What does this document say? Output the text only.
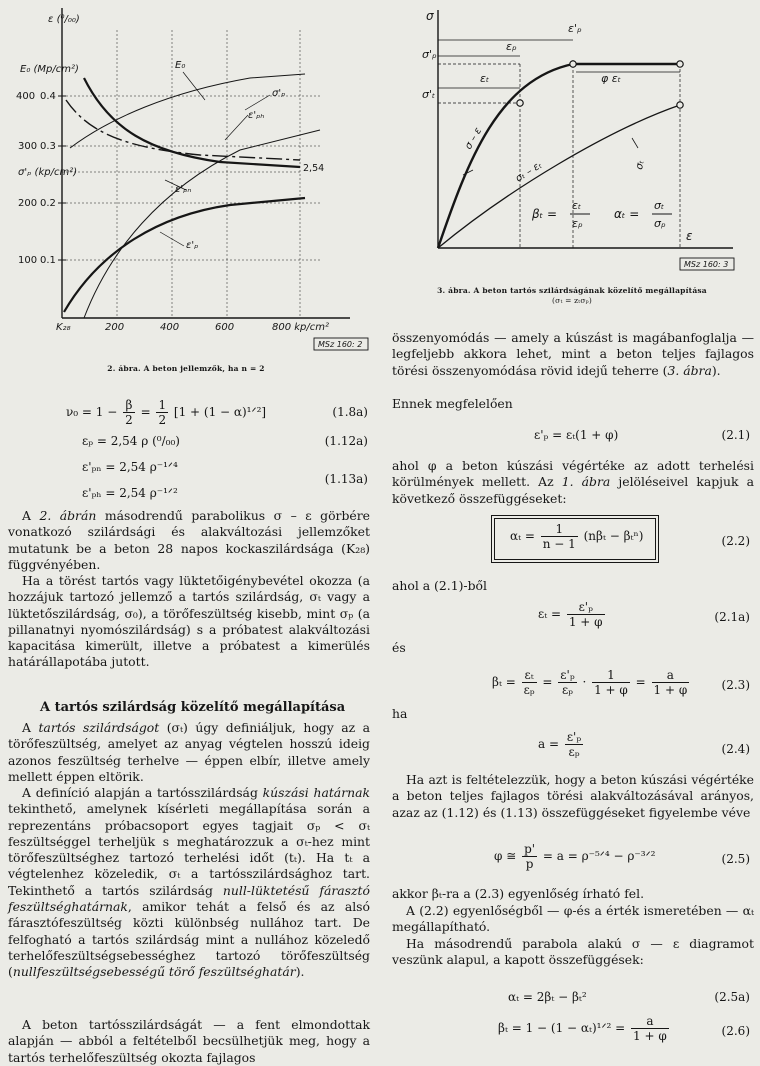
ε (⁰/₀₀)
E₀ (Mp/cm²)
400 0.4
300 0.3
σ'ₚ (kp/cm²)
200 0.2
100 0.1
K₂₈	200	400	600	800 kp/cm²
E₀
σ'ₚ
ε'ₚₕ
ε'ₚₙ
ε'ₚ
2,54
MSz 160: 2
2. ábra. A beton jellemzők, ha n = 2
$\nu_0 = 1 - \frac{\beta}{2} = \frac{1}{2} [1 + (1$ − α)¹ᐟ²]	(1.8a)
εₚ = 2,54 ρ (⁰/₀₀)	(1.12a)
ε'ₚₙ = 2,54 ρ⁻¹ᐟ⁴
ε'ₚₕ = 2,54 ρ⁻¹ᐟ²
(1.13a)
A 2. ábrán másodrendű parabolikus σ – ε görbére vonatkozó szilárdsági és alakváltozási jellemzőket mutatunk be a beton 28 napos kockaszilárdsága (K₂₈) függvényében.
Ha a törést tartós vagy lüktetőigénybevétel okozza (a hozzájuk tartozó jellemző a tartós szilárdság, σₜ vagy a lüktetőszilárdság, σ₀), a törőfeszültség kisebb, mint σₚ (a pillanatnyi nyomószilárdság) s a próbatest alakváltozási kapacitása kimerült, illetve a próbatest a kimerülés határállapotába jutott.
A tartós szilárdság közelítő megállapítása
A tartós szilárdságot (σₜ) úgy definiáljuk, hogy az a törőfeszültség, amelyet az anyag végtelen hosszú ideig azonos feszültség terhelve — éppen elbír, illetve amely mellett éppen eltörik.
A definíció alapján a tartósszilárdság kúszási határnak tekinthető, amelynek kísérleti megállapítása során a reprezentáns próbacsoport egyes tagjait σₚ < σₜ feszültséggel terheljük s meghatározzuk a σₜ-hez mint törőfeszültséghez tartozó terhelési időt (tₜ). Ha tₜ a végtelenhez közeledik, σₜ a tartósszilárdsághoz tart. Tekinthető a tartós szilárdság null-lüktetésű fárasztó feszültséghatárnak, amikor tehát a felső és az alsó fárasztófeszültség közti különbség nullához tart. De felfogható a tartós szilárdság mint a nullához közeledő terhelőfeszültségsebességhez tartozó törőfeszültség (nullfeszültségsebességű törő feszültséghatár).
A beton tartósszilárdságát — a fent elmondottak alapján — abból a feltételből becsülhetjük meg, hogy a tartós terhelőfeszültség okozta fajlagos
σ
σ'ₚ
σ'ₜ
ε'ₚ
εₚ
εₜ	φ εₜ
σ – ε
σₜ – εₜ	σₜ
ε
βₜ =
εₜ
εₚ
αₜ =
σₜ
σₚ
MSz 160: 3
3. ábra. A beton tartós szilárdságának közelítő megállapítása
(σₜ = zₜσₚ)
összenyomódás — amely a kúszást is magábanfoglalja — legfeljebb akkora lehet, mint a beton teljes fajlagos törési összenyomódása rövid idejű teherre (3. ábra).
Ennek megfelelően
ε'ₚ = εₜ(1 + φ)	(2.1)
ahol φ a beton kúszási végértéke az adott terhelési körülmények mellett. Az 1. ábra jelöléseivel kapjuk a következő összefüggéseket:
$\alpha_t = \frac{1}{n - 1} (n\beta_t - \beta_t^n)$	(2.2)
ahol a (2.1)-ből
$\varepsilon_t = \frac{\text{ε'ₚ}}{1 + \varphi}$	(2.1a)
és
$\beta_t = \frac{\text{εₜ}}{\text{εₚ}} = \frac{\text{ε'ₚ}}{\text{εₚ}} \cdot \frac{1}{1 + \varphi} = \frac{a}{1 + \varphi}$	(2.3)
ha
$a = \frac{\text{ε'ₚ}}{\text{εₚ}}$	(2.4)
Ha azt is feltételezzük, hogy a beton kúszási végértéke a beton teljes fajlagos törési alakváltozásával arányos, azaz az (1.12) és (1.13) összefüggéseket figyelembe véve
φ ≅ $\frac{p'}{p} = a$ = ρ⁻⁵ᐟ⁴ − ρ⁻³ᐟ²	(2.5)
akkor βₜ-ra a (2.3) egyenlőség írható fel.
A (2.2) egyenlőségből — φ-és a érték ismeretében — αₜ megállapítható.
Ha másodrendű parabola alakú σ — ε diagramot veszünk alapul, a kapott összefüggések:
αₜ = 2βₜ − βₜ²	(2.5a)
βₜ = 1 − (1 − αₜ)¹ᐟ² = $\frac{a}{1 + \varphi}$	(2.6)
